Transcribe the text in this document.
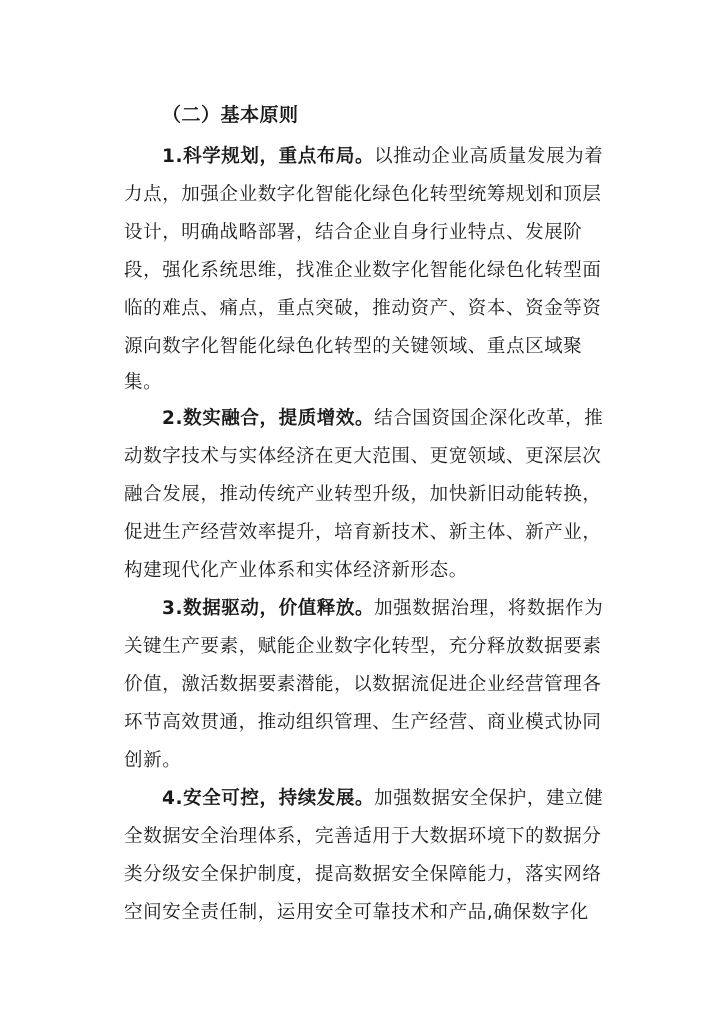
（二）基本原则
1.科学规划，重点布局。以推动企业高质量发展为着
力点，加强企业数字化智能化绿色化转型统筹规划和顶层
设计，明确战略部署，结合企业自身行业特点、发展阶
段，强化系统思维，找准企业数字化智能化绿色化转型面
临的难点、痛点，重点突破，推动资产、资本、资金等资
源向数字化智能化绿色化转型的关键领域、重点区域聚
集。
2.数实融合，提质增效。结合国资国企深化改革，推
动数字技术与实体经济在更大范围、更宽领域、更深层次
融合发展，推动传统产业转型升级，加快新旧动能转换，
促进生产经营效率提升，培育新技术、新主体、新产业，
构建现代化产业体系和实体经济新形态。
3.数据驱动，价值释放。加强数据治理，将数据作为
关键生产要素，赋能企业数字化转型，充分释放数据要素
价值，激活数据要素潜能，以数据流促进企业经营管理各
环节高效贯通，推动组织管理、生产经营、商业模式协同
创新。
4.安全可控，持续发展。加强数据安全保护，建立健
全数据安全治理体系，完善适用于大数据环境下的数据分
类分级安全保护制度，提高数据安全保障能力，落实网络
空间安全责任制，运用安全可靠技术和产品,确保数字化
